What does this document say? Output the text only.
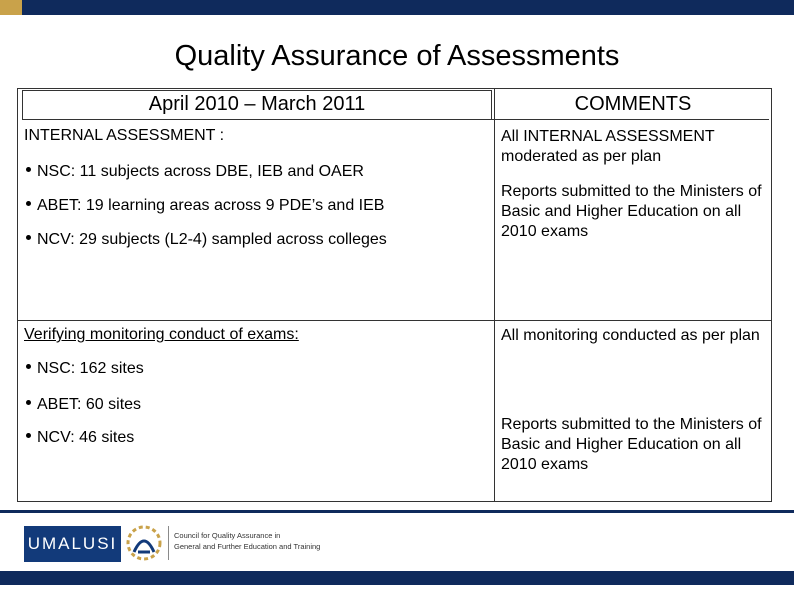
Quality Assurance of Assessments
April 2010 – March 2011	COMMENTS
INTERNAL ASSESSMENT :
NSC: 11 subjects across DBE, IEB and OAER
ABET: 19 learning areas across 9 PDE’s and IEB
NCV: 29 subjects (L2-4) sampled across colleges
All INTERNAL ASSESSMENT moderated as per plan
Reports submitted to the Ministers of Basic and Higher Education on all 2010 exams
Verifying monitoring conduct of exams:
NSC: 162 sites
ABET: 60 sites
NCV: 46 sites
All monitoring conducted as per plan
Reports submitted to the Ministers of Basic and Higher Education on all 2010 exams
UMALUSI	Council for Quality Assurance in
General and Further Education and Training
